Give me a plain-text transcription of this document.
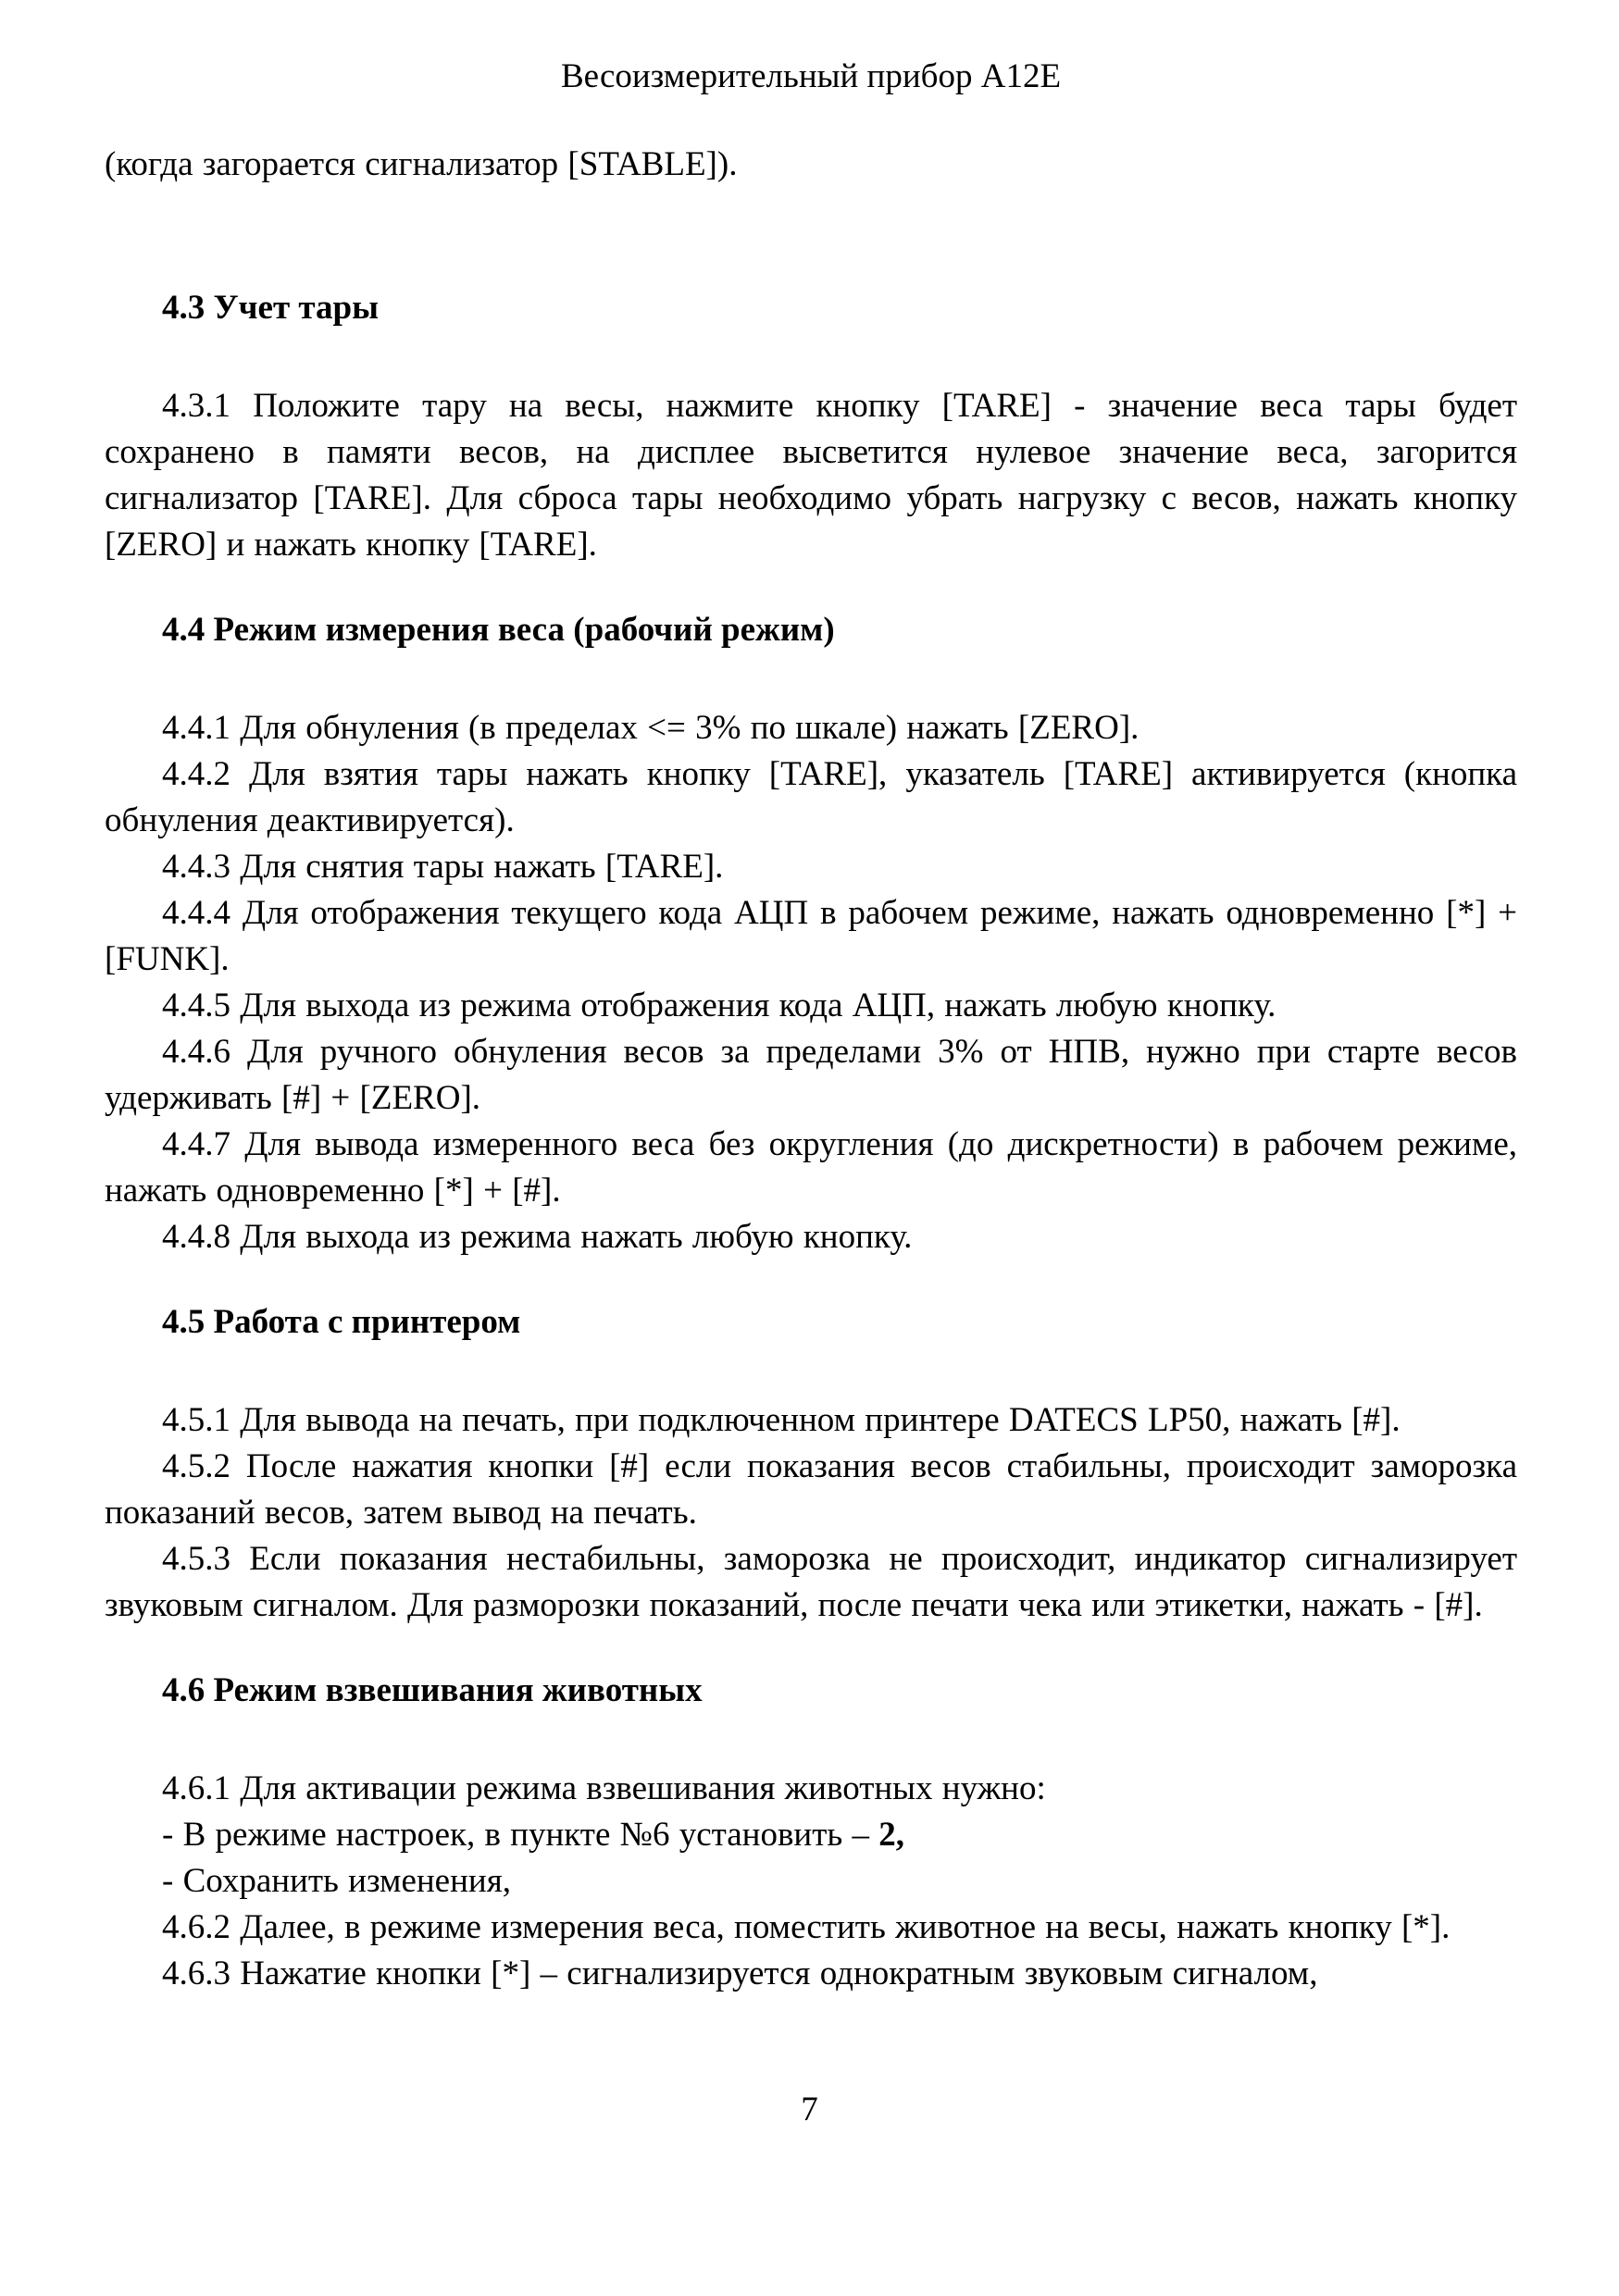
Весоизмерительный прибор А12Е

(когда загорается сигнализатор [STABLE]).

4.3 Учет тары

4.3.1 Положите тару на весы, нажмите кнопку [TARE] - значение веса тары будет сохранено в памяти весов, на дисплее высветится нулевое значение веса, загорится сигнализатор [TARE]. Для сброса тары необходимо убрать нагрузку с весов, нажать кнопку [ZERO] и нажать кнопку [TARE].

4.4 Режим измерения веса (рабочий режим)

4.4.1 Для обнуления (в пределах <= 3% по шкале) нажать [ZERO].

4.4.2 Для взятия тары нажать кнопку [TARE], указатель [TARE] активируется (кнопка обнуления деактивируется).

4.4.3 Для снятия тары нажать [TARE].

4.4.4 Для отображения текущего кода АЦП в рабочем режиме, нажать одновременно [*] + [FUNK].

4.4.5 Для выхода из режима отображения кода АЦП, нажать любую кнопку.

4.4.6 Для ручного обнуления весов за пределами 3% от НПВ, нужно при старте весов удерживать [#] + [ZERO].

4.4.7 Для вывода измеренного веса без округления (до дискретности) в рабочем режиме, нажать одновременно [*] + [#].

4.4.8 Для выхода из режима нажать любую кнопку.

4.5 Работа с принтером

4.5.1 Для вывода на печать, при подключенном принтере DATECS LP50, нажать [#].

4.5.2 После нажатия кнопки [#] если показания весов стабильны, происходит заморозка показаний весов, затем вывод на печать.

4.5.3 Если показания нестабильны, заморозка не происходит, индикатор сигнализирует звуковым сигналом. Для разморозки показаний, после печати чека или этикетки, нажать - [#].

4.6 Режим взвешивания животных

4.6.1 Для активации режима взвешивания животных нужно:

- В режиме настроек, в пункте №6 установить – 2,

- Сохранить изменения,

4.6.2 Далее, в режиме измерения веса, поместить животное на весы, нажать кнопку [*].

4.6.3 Нажатие кнопки [*] – сигнализируется однократным звуковым сигналом,

7
